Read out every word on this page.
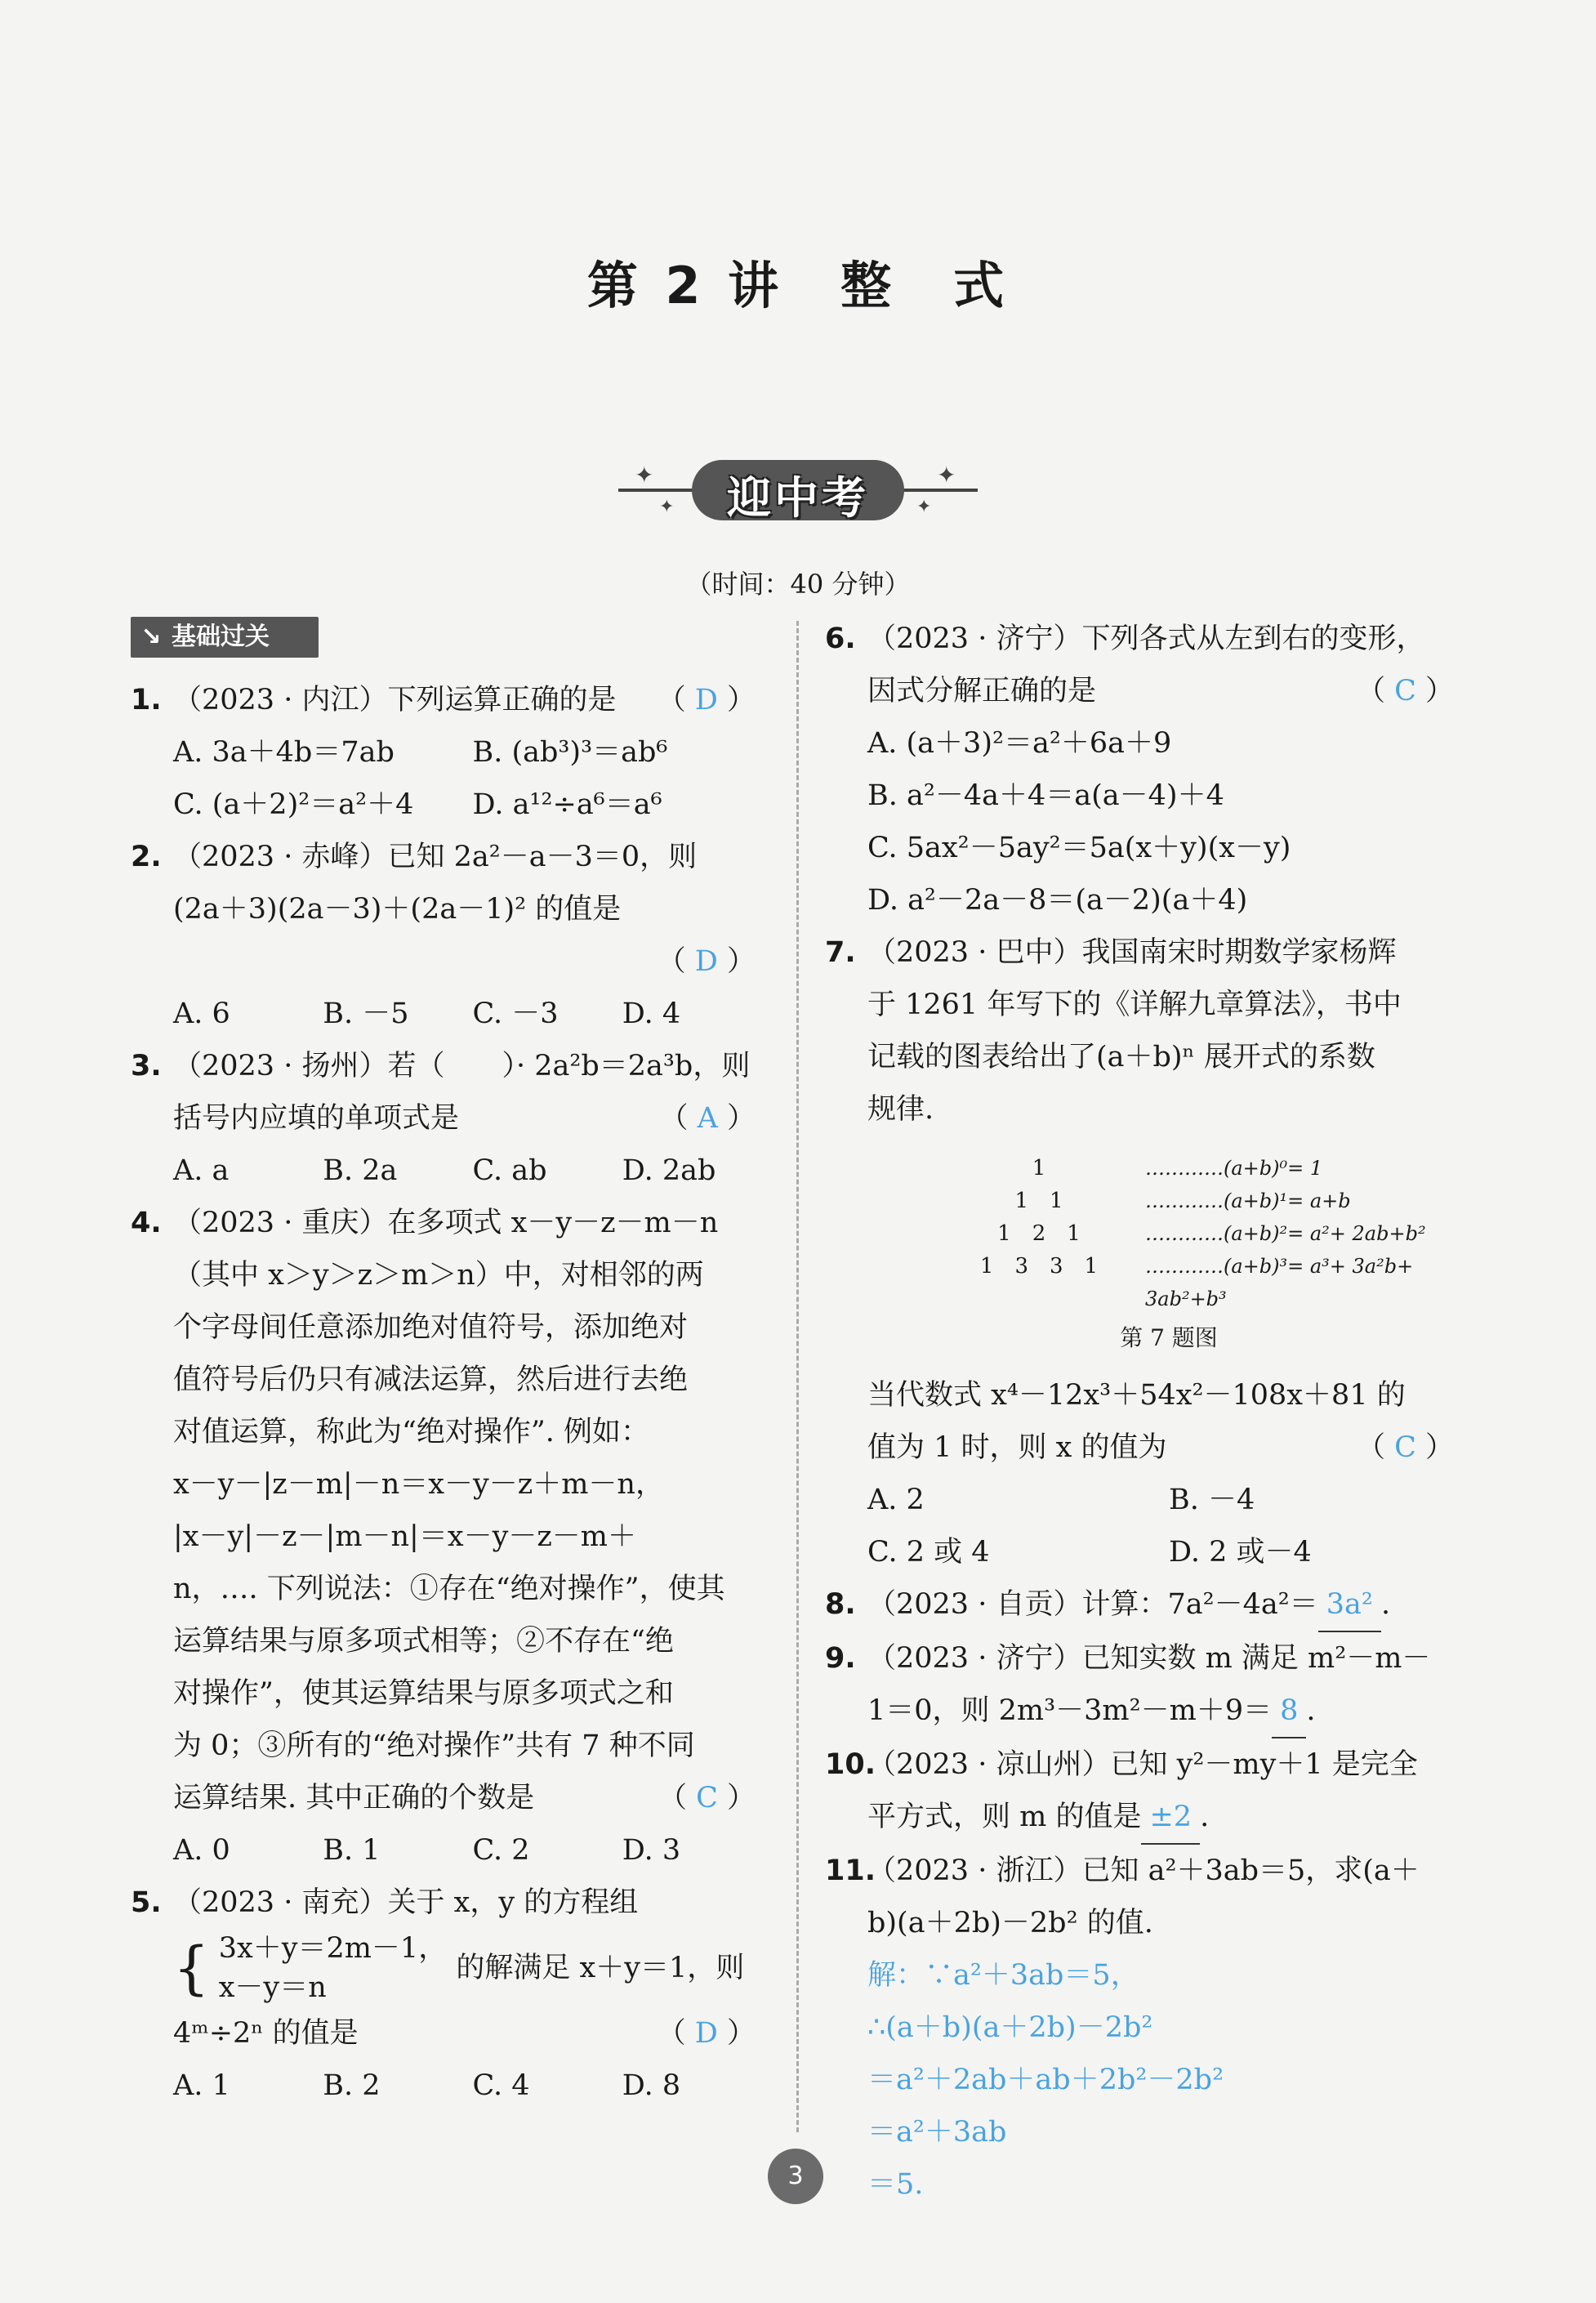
第 2 讲 整 式
✦
✦
✦
✦
迎中考
（时间：40 分钟）
↘ 基础过关
1. （2023 · 内江）下列运算正确的是 （ D ）
A. 3a＋4b＝7ab	B. (ab³)³＝ab⁶
C. (a＋2)²＝a²＋4	D. a¹²÷a⁶＝a⁶
2. （2023 · 赤峰）已知 2a²－a－3＝0，则
(2a＋3)(2a－3)＋(2a－1)² 的值是
（ D ）
A. 6	B. －5	C. －3	D. 4
3. （2023 · 扬州）若（　　）· 2a²b＝2a³b，则
括号内应填的单项式是	（ A ）
A. a	B. 2a	C. ab	D. 2ab
4. （2023 · 重庆）在多项式 x－y－z－m－n
（其中 x＞y＞z＞m＞n）中，对相邻的两
个字母间任意添加绝对值符号，添加绝对
值符号后仍只有减法运算，然后进行去绝
对值运算，称此为“绝对操作”. 例如：
x－y－|z－m|－n＝x－y－z＋m－n，
|x－y|－z－|m－n|＝x－y－z－m＋
n，…. 下列说法：①存在“绝对操作”，使其
运算结果与原多项式相等；②不存在“绝
对操作”，使其运算结果与原多项式之和
为 0；③所有的“绝对操作”共有 7 种不同
运算结果. 其中正确的个数是	（ C ）
A. 0	B. 1	C. 2	D. 3
5. （2023 · 南充）关于 x，y 的方程组
{ 3x＋y＝2m－1，
x－y＝n
的解满足 x＋y＝1，则
4ᵐ÷2ⁿ 的值是	（ D ）
A. 1	B. 2	C. 4	D. 8
6. （2023 · 济宁）下列各式从左到右的变形，
因式分解正确的是	（ C ）
A. (a＋3)²＝a²＋6a＋9
B. a²－4a＋4＝a(a－4)＋4
C. 5ax²－5ay²＝5a(x＋y)(x－y)
D. a²－2a－8＝(a－2)(a＋4)
7. （2023 · 巴中）我国南宋时期数学家杨辉
于 1261 年写下的《详解九章算法》，书中
记载的图表给出了(a＋b)ⁿ 展开式的系数
规律.
1
1　1
1　2　1
1　3　3　1
…………(a+b)⁰= 1
…………(a+b)¹= a+b
…………(a+b)²= a²+ 2ab+b²
…………(a+b)³= a³+ 3a²b+ 3ab²+b³
第 7 题图
当代数式 x⁴－12x³＋54x²－108x＋81 的
值为 1 时，则 x 的值为	（ C ）
A. 2	B. －4
C. 2 或 4	D. 2 或－4
8. （2023 · 自贡）计算：7a²－4a²＝ 3a² .
9. （2023 · 济宁）已知实数 m 满足 m²－m－
1＝0，则 2m³－3m²－m＋9＝ 8 .
10.
（2023 · 凉山州）已知 y²－my＋1 是完全
平方式，则 m 的值是 ±2 .
11.
（2023 · 浙江）已知 a²＋3ab＝5，求(a＋
b)(a＋2b)－2b² 的值.
解：∵a²＋3ab＝5，
∴(a＋b)(a＋2b)－2b²
＝a²＋2ab＋ab＋2b²－2b²
＝a²＋3ab
＝5.
3
